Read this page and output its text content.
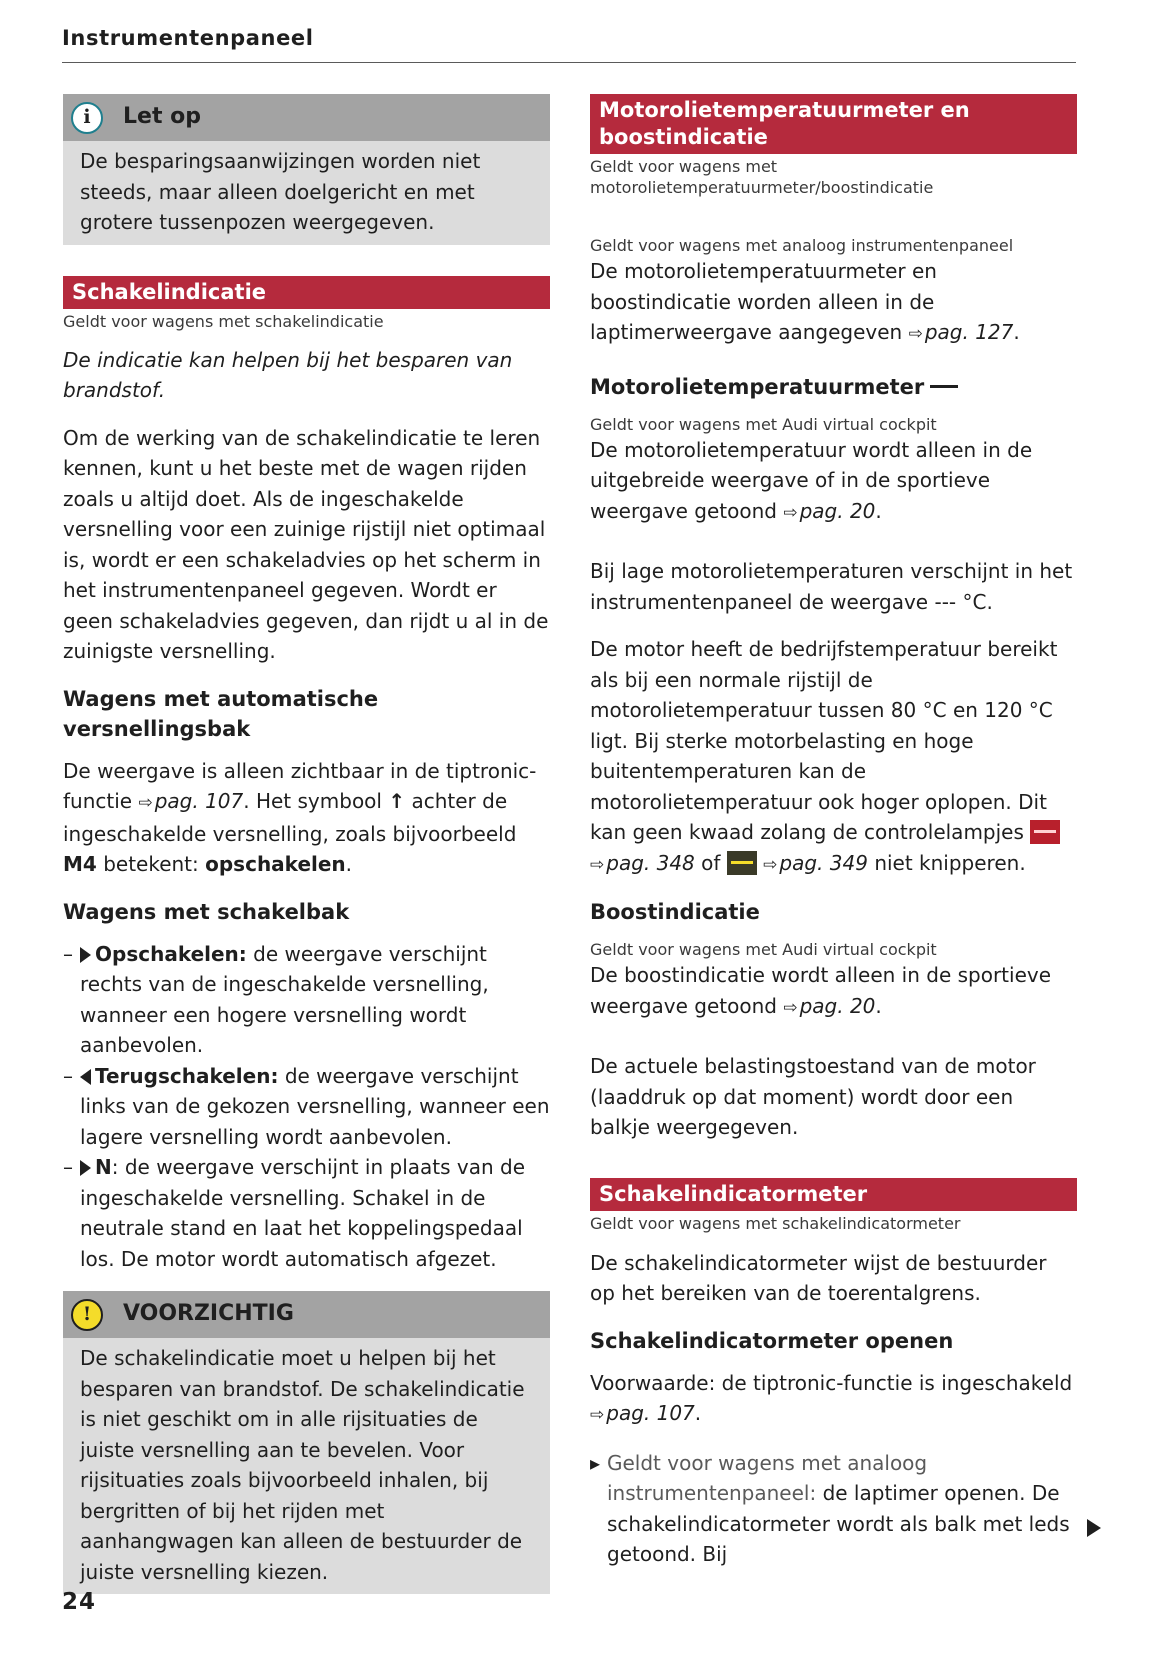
Instrumentenpaneel
i	Let op
De besparingsaanwijzingen worden niet steeds, maar alleen doelgericht en met grotere tussenpozen weergegeven.
Schakelindicatie

Geldt voor wagens met schakelindicatie

De indicatie kan helpen bij het besparen van brandstof.

Om de werking van de schakelindicatie te leren kennen, kunt u het beste met de wagen rijden zoals u altijd doet. Als de ingeschakelde versnelling voor een zuinige rijstijl niet optimaal is, wordt er een schakeladvies op het scherm in het instrumentenpaneel gegeven. Wordt er geen schakeladvies gegeven, dan rijdt u al in de zuinigste versnelling.

Wagens met automatische versnellingsbak

De weergave is alleen zichtbaar in de tiptronic-functie ⇨ pag. 107. Het symbool ↑ achter de ingeschakelde versnelling, zoals bijvoorbeeld M4 betekent: opschakelen.

Wagens met schakelbak
– Opschakelen: de weergave verschijnt rechts van de ingeschakelde versnelling, wanneer een hogere versnelling wordt aanbevolen.
– Terugschakelen: de weergave verschijnt links van de gekozen versnelling, wanneer een lagere versnelling wordt aanbevolen.
– N: de weergave verschijnt in plaats van de ingeschakelde versnelling. Schakel in de neutrale stand en laat het koppelingspedaal los. De motor wordt automatisch afgezet.
!	VOORZICHTIG
De schakelindicatie moet u helpen bij het besparen van brandstof. De schakelindicatie is niet geschikt om in alle rijsituaties de juiste versnelling aan te bevelen. Voor rijsituaties zoals bijvoorbeeld inhalen, bij bergritten of bij het rijden met aanhangwagen kan alleen de bestuurder de juiste versnelling kiezen.
Motorolietemperatuurmeter en boostindicatie

Geldt voor wagens met motorolietemperatuurmeter/boostindicatie

Geldt voor wagens met analoog instrumentenpaneel

De motorolietemperatuurmeter en boostindicatie worden alleen in de laptimerweergave aangegeven ⇨ pag. 127.

Motorolietemperatuurmeter

Geldt voor wagens met Audi virtual cockpit

De motorolietemperatuur wordt alleen in de uitgebreide weergave of in de sportieve weergave getoond ⇨ pag. 20.

Bij lage motorolietemperaturen verschijnt in het instrumentenpaneel de weergave --- °C.

De motor heeft de bedrijfstemperatuur bereikt als bij een normale rijstijl de motorolietemperatuur tussen 80 °C en 120 °C ligt. Bij sterke motorbelasting en hoge buitentemperaturen kan de motorolietemperatuur ook hoger oplopen. Dit kan geen kwaad zolang de controlelampjes
⇨ pag. 348 of	⇨ pag. 349 niet knipperen.

Boostindicatie

Geldt voor wagens met Audi virtual cockpit

De boostindicatie wordt alleen in de sportieve weergave getoond ⇨ pag. 20.

De actuele belastingstoestand van de motor (laaddruk op dat moment) wordt door een balkje weergegeven.

Schakelindicatormeter

Geldt voor wagens met schakelindicatormeter

De schakelindicatormeter wijst de bestuurder op het bereiken van de toerentalgrens.

Schakelindicatormeter openen

Voorwaarde: de tiptronic-functie is ingeschakeld ⇨ pag. 107.

▸ Geldt voor wagens met analoog instrumentenpaneel: de laptimer openen. De schakelindicatormeter wordt als balk met leds getoond. Bij
24
